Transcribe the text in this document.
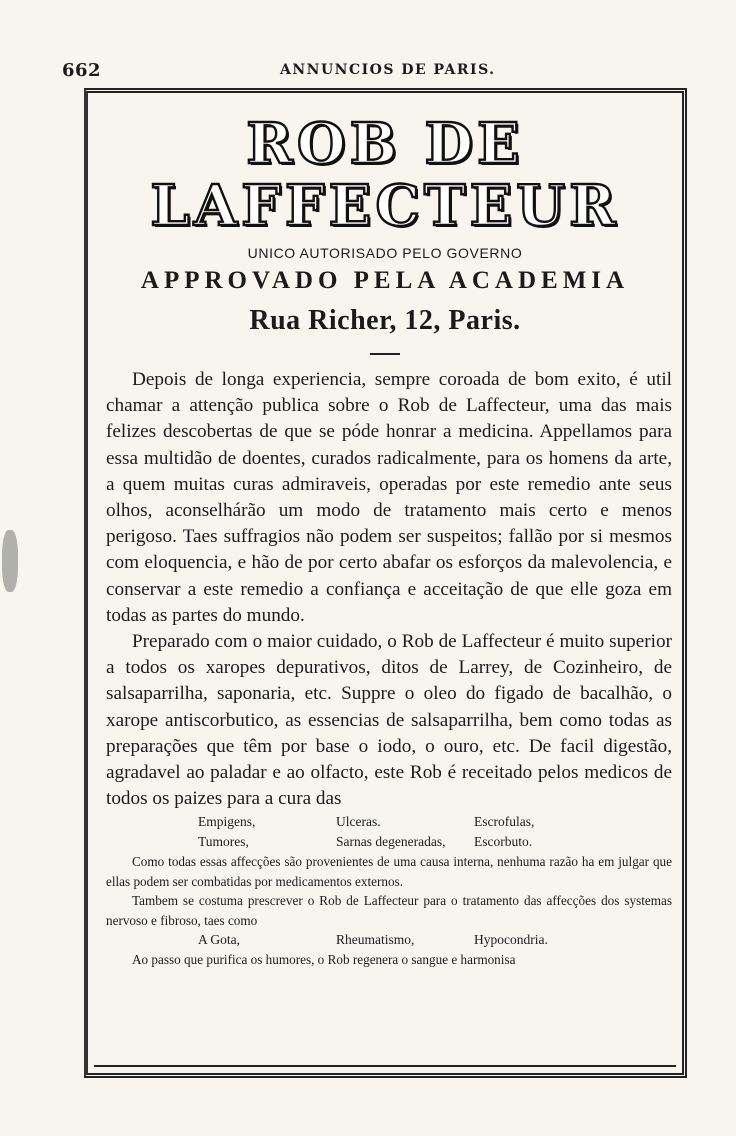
662	ANNUNCIOS DE PARIS.
ROB DE LAFFECTEUR
UNICO AUTORISADO PELO GOVERNO
APPROVADO PELA ACADEMIA
Rua Richer, 12, Paris.

Depois de longa experiencia, sempre coroada de bom exito, é util chamar a attenção publica sobre o Rob de Laffecteur, uma das mais felizes descobertas de que se póde honrar a medicina. Appellamos para essa multidão de doentes, curados radicalmente, para os homens da arte, a quem muitas curas admiraveis, operadas por este remedio ante seus olhos, aconselhárão um modo de tratamento mais certo e menos perigoso. Taes suffragios não podem ser suspeitos; fallão por si mesmos com eloquencia, e hão de por certo abafar os esforços da malevolencia, e conservar a este remedio a confiança e acceitação de que elle goza em todas as partes do mundo.

Preparado com o maior cuidado, o Rob de Laffecteur é muito superior a todos os xaropes depurativos, ditos de Larrey, de Cozinheiro, de salsaparrilha, saponaria, etc. Suppre o oleo do figado de bacalhão, o xarope antiscorbutico, as essencias de salsaparrilha, bem como todas as preparações que têm por base o iodo, o ouro, etc. De facil digestão, agradavel ao paladar e ao olfacto, este Rob é receitado pelos medicos de todos os paizes para a cura das

Empigens,	Ulceras.	Escrofulas,
Tumores,	Sarnas degeneradas,	Escorbuto.

Como todas essas affecções são provenientes de uma causa interna, nenhuma razão ha em julgar que ellas podem ser combatidas por medicamentos externos.

Tambem se costuma prescrever o Rob de Laffecteur para o tratamento das affecções dos systemas nervoso e fibroso, taes como

A Gota,	Rheumatismo,	Hypocondria.

Ao passo que purifica os humores, o Rob regenera o sangue e harmonisa
